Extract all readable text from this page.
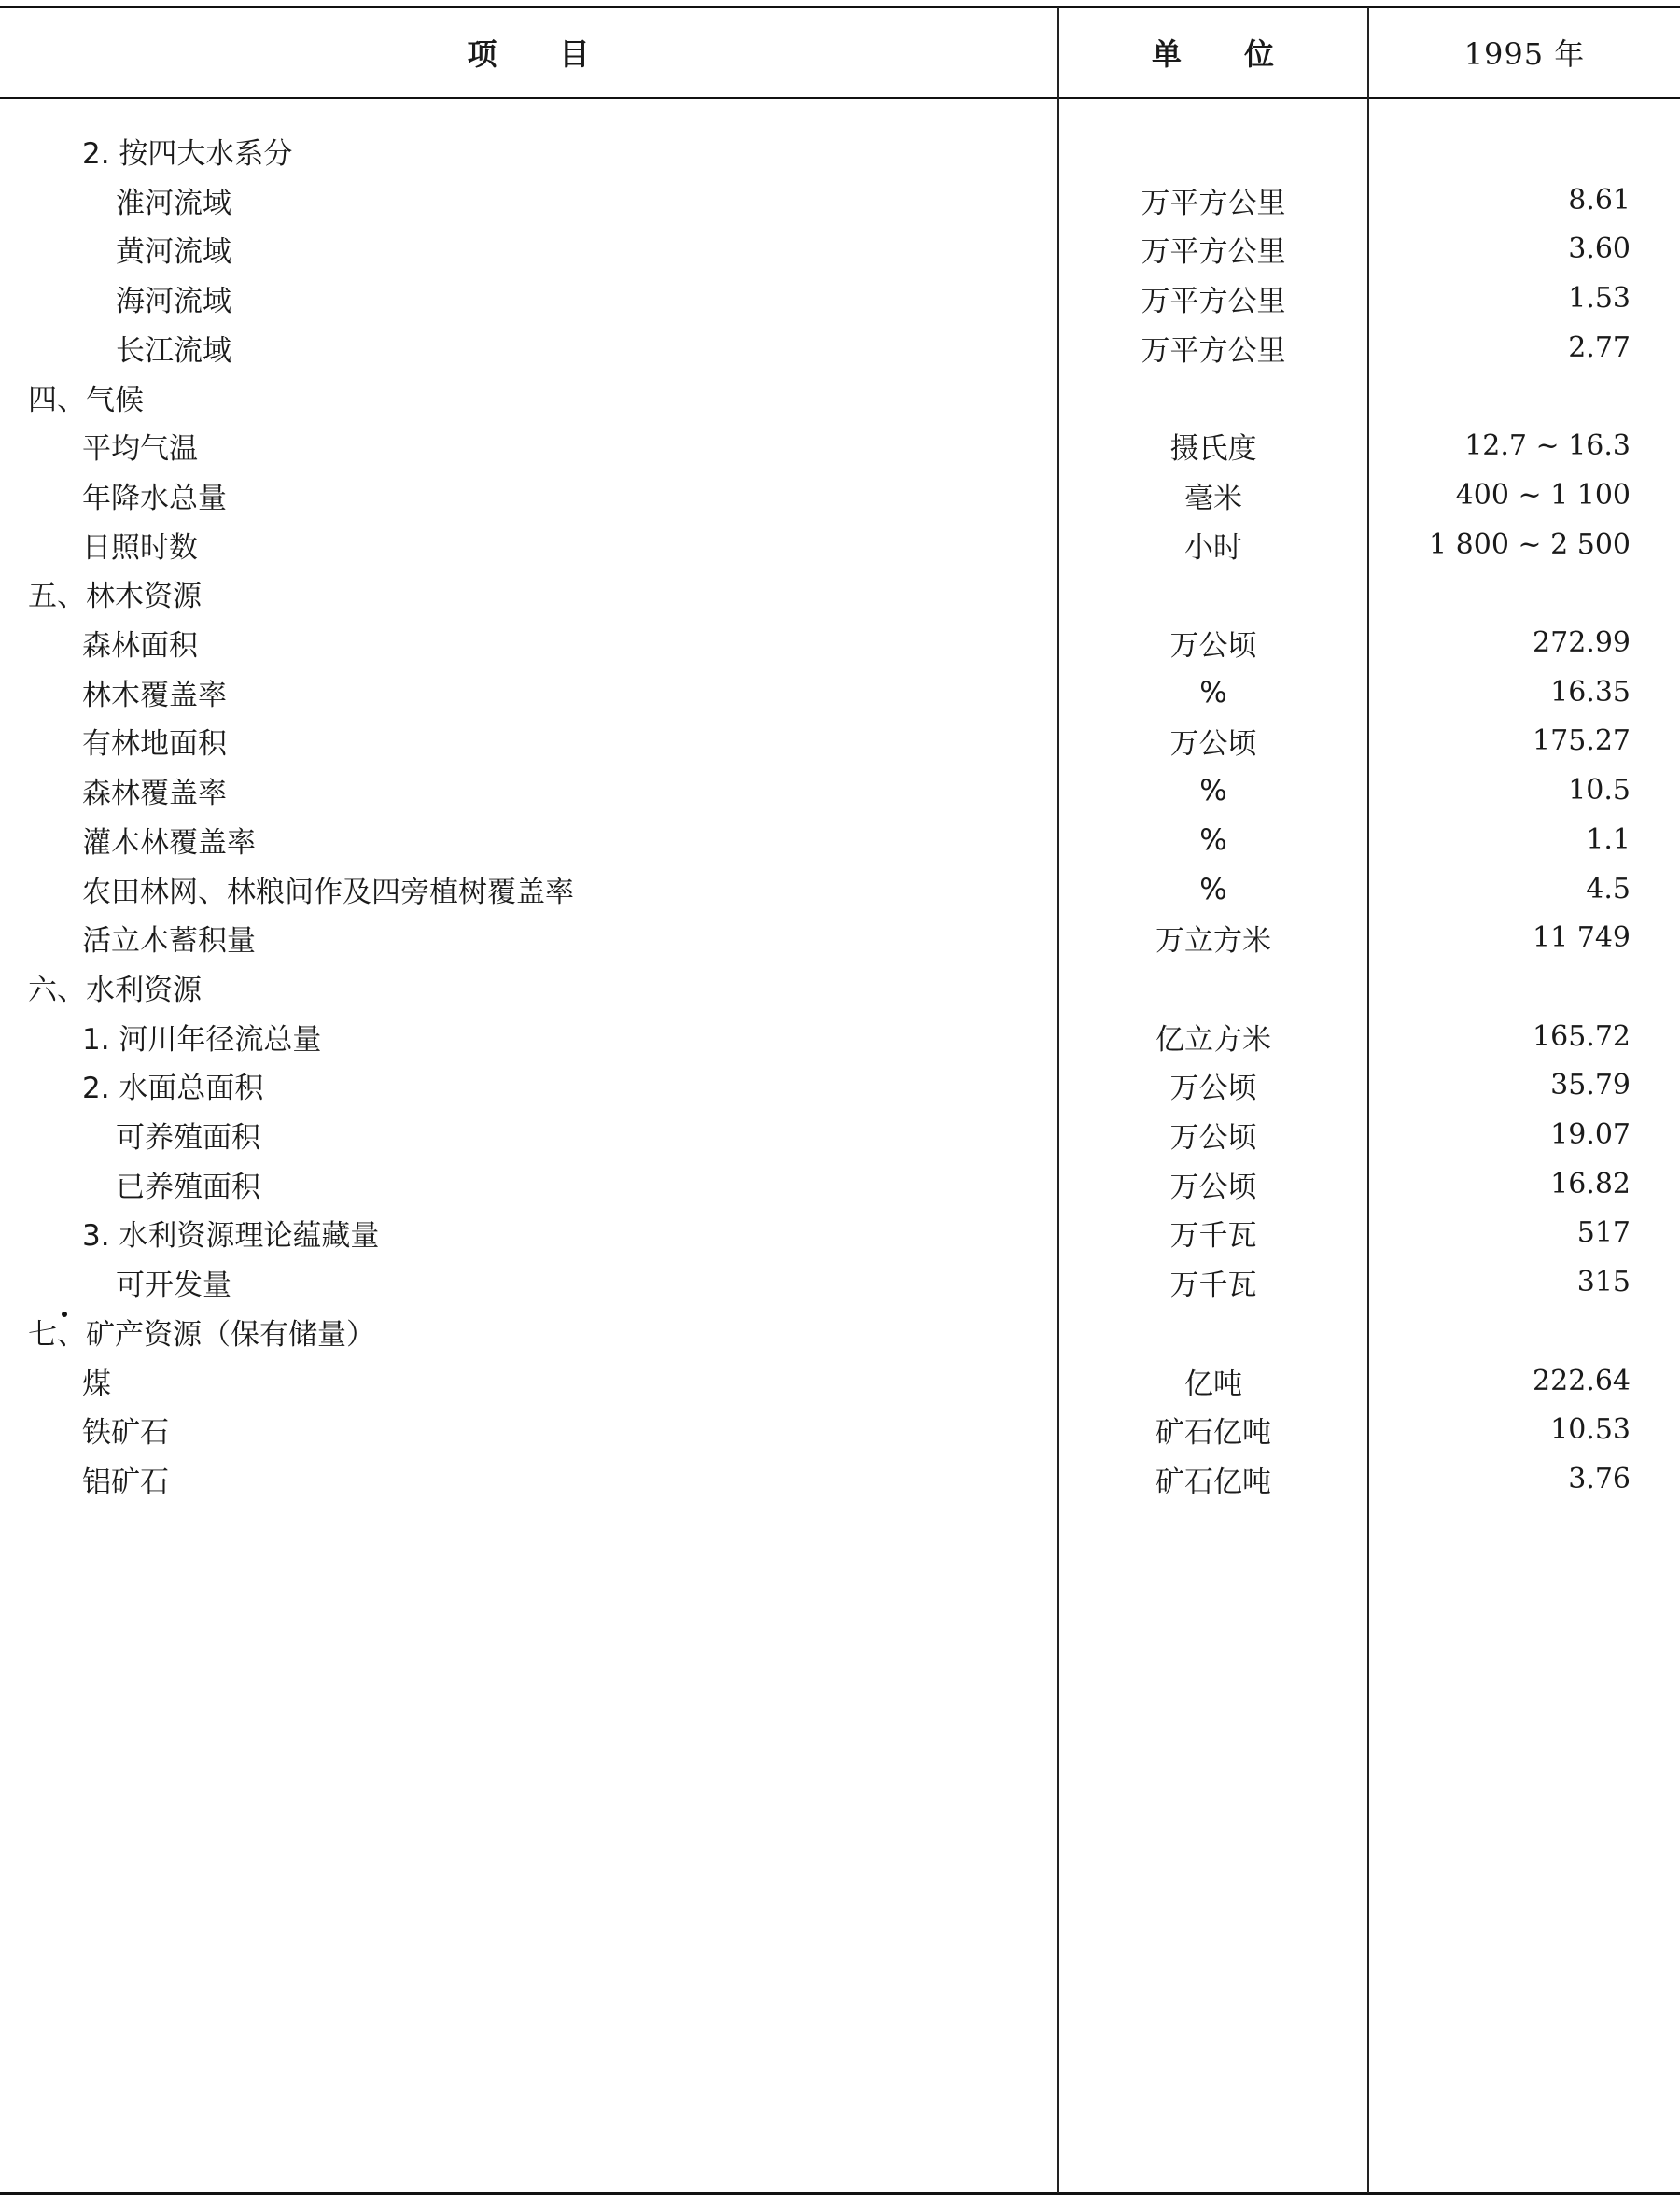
项　　目	单　　位	1995 年
2. 按四大水系分
淮河流域	万平方公里	8.61
黄河流域	万平方公里	3.60
海河流域	万平方公里	1.53
长江流域	万平方公里	2.77
四、气候
平均气温	摄氏度	12.7 ~ 16.3
年降水总量	毫米	400 ~ 1 100
日照时数	小时	1 800 ~ 2 500
五、林木资源
森林面积	万公顷	272.99
林木覆盖率	%	16.35
有林地面积	万公顷	175.27
森林覆盖率	%	10.5
灌木林覆盖率	%	1.1
农田林网、林粮间作及四旁植树覆盖率	%	4.5
活立木蓄积量	万立方米	11 749
六、水利资源
1. 河川年径流总量	亿立方米	165.72
2. 水面总面积	万公顷	35.79
可养殖面积	万公顷	19.07
已养殖面积	万公顷	16.82
3. 水利资源理论蕴藏量	万千瓦	517
可开发量	万千瓦	315
七、矿产资源（保有储量）
煤	亿吨	222.64
铁矿石	矿石亿吨	10.53
铝矿石	矿石亿吨	3.76
